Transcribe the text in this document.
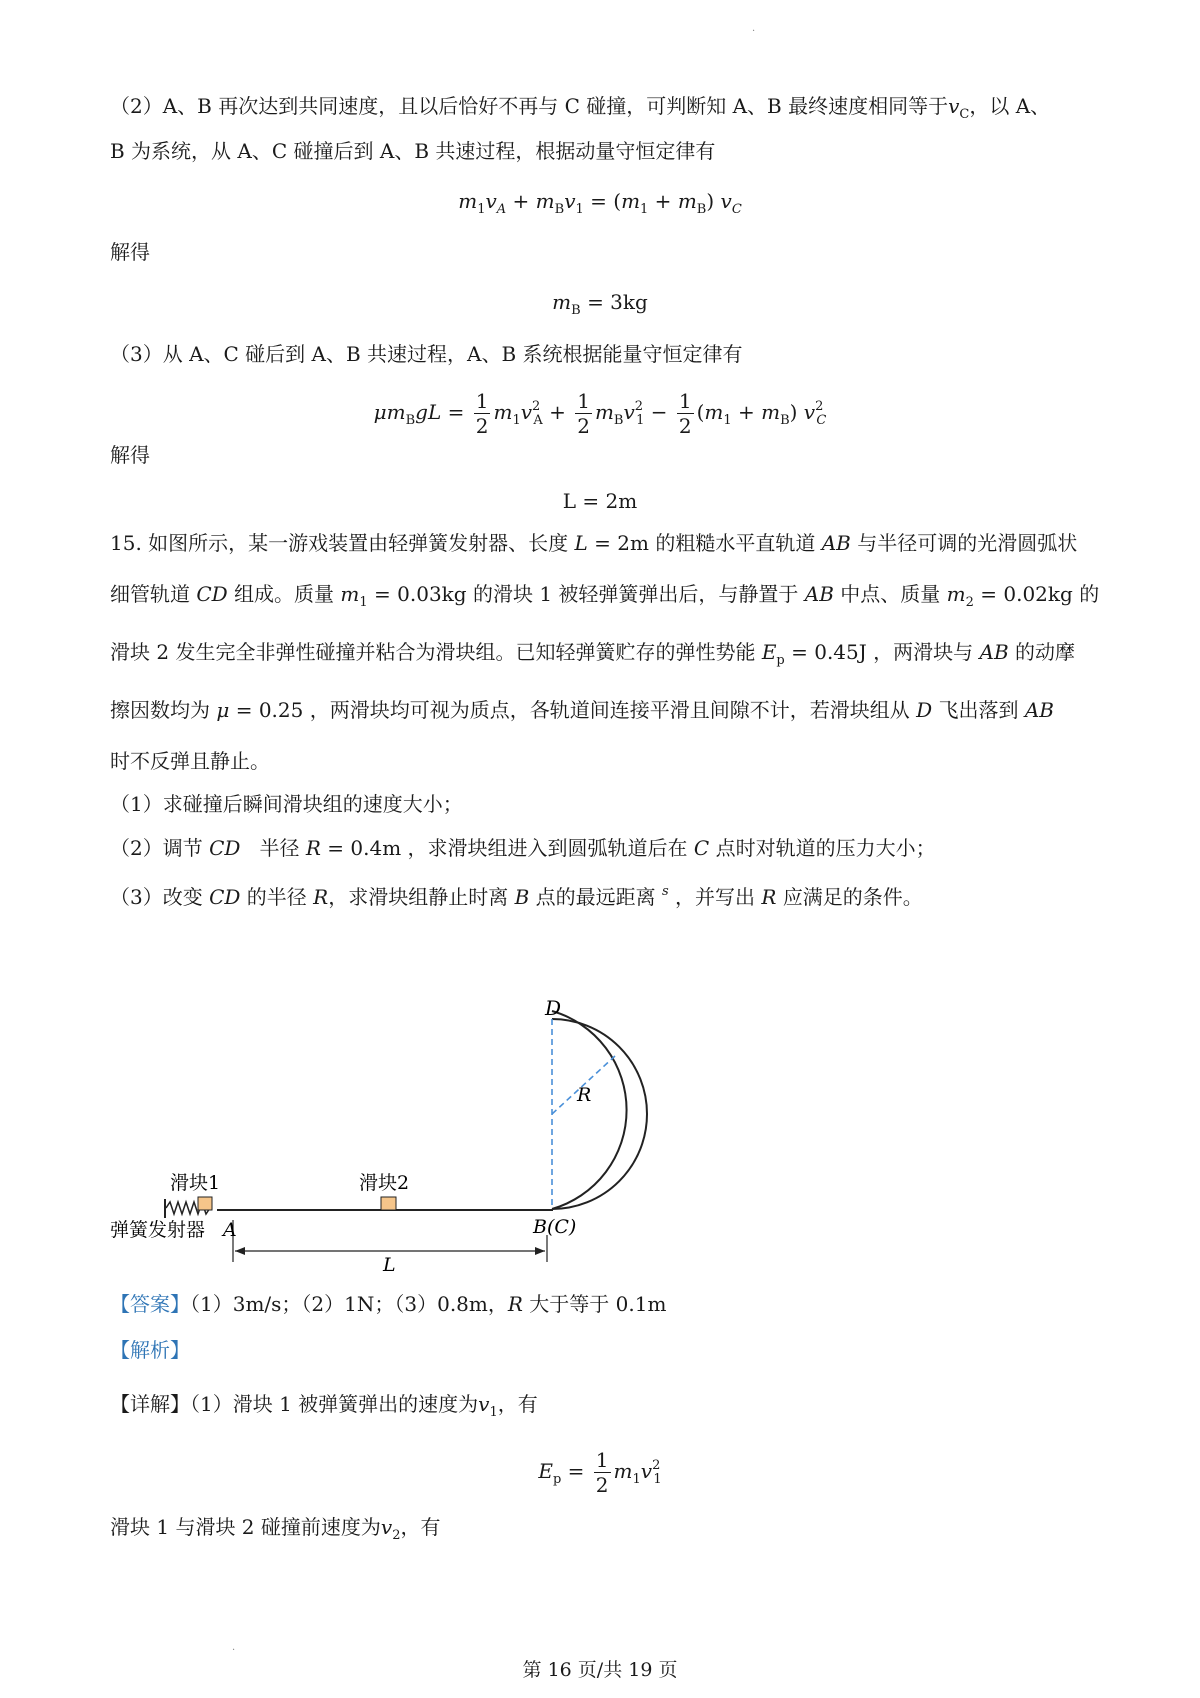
·
（2）A、B 再次达到共同速度，且以后恰好不再与 C 碰撞，可判断知 A、B 最终速度相同等于$v_C$，以 A、
B 为系统，从 A、C 碰撞后到 A、B 共速过程，根据动量守恒定律有
$m_1v_A + m_Bv_1 = (m_1 + m_B)$ $v_C$
解得
$m_B = 3kg$
（3）从 A、C 碰后到 A、B 共速过程，A、B 系统根据能量守恒定律有
$\mu m_BgL = \frac{1}{2} m_1v^2_A + \frac{1}{2} m_Bv^2_1 - \frac{1}{2} (m_1 + m_B)$ $v^2_C$
解得
L = 2m
15. 如图所示，某一游戏装置由轻弹簧发射器、长度 L = 2m 的粗糙水平直轨道 AB 与半径可调的光滑圆弧状
细管轨道 CD 组成。质量 $m_1 = 0.03kg$ 的滑块 1 被轻弹簧弹出后，与静置于 AB 中点、质量 $m_2 = 0.02kg$ 的
滑块 2 发生完全非弹性碰撞并粘合为滑块组。已知轻弹簧贮存的弹性势能 $E_p = 0.45J$ ，两滑块与 AB 的动摩
擦因数均为 μ = 0.25 ，两滑块均可视为质点，各轨道间连接平滑且间隙不计，若滑块组从 D 飞出落到 AB
时不反弹且静止。
（1）求碰撞后瞬间滑块组的速度大小；
（2）调节 CD 半径 R = 0.4m ，求滑块组进入到圆弧轨道后在 C 点时对轨道的压力大小；
（3）改变 CD 的半径 R，求滑块组静止时离 B 点的最远距离 $^s$ ，并写出 R 应满足的条件。
D
R
滑块1	滑块2
弹簧发射器 A	B(C)
L
【答案】（1）3m/s；（2）1N；（3）0.8m，R 大于等于 0.1m
【解析】
【详解】（1）滑块 1 被弹簧弹出的速度为$v_1$，有
$E_p = \frac{1}{2} m_1v^2_1$
滑块 1 与滑块 2 碰撞前速度为$v_2$，有
·
第 16 页/共 19 页
